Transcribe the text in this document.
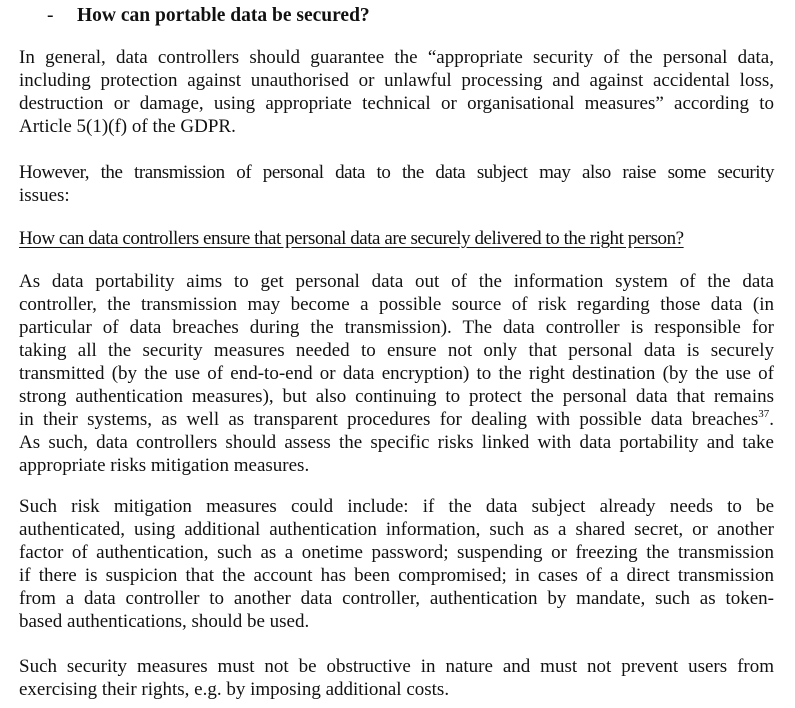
- How can portable data be secured?
In general, data controllers should guarantee the “appropriate security of the personal data,
including protection against unauthorised or unlawful processing and against accidental loss,
destruction or damage, using appropriate technical or organisational measures” according to
Article 5(1)(f) of the GDPR.
However, the transmission of personal data to the data subject may also raise some security
issues:
How can data controllers ensure that personal data are securely delivered to the right person?
As data portability aims to get personal data out of the information system of the data
controller, the transmission may become a possible source of risk regarding those data (in
particular of data breaches during the transmission). The data controller is responsible for
taking all the security measures needed to ensure not only that personal data is securely
transmitted (by the use of end-to-end or data encryption) to the right destination (by the use of
strong authentication measures), but also continuing to protect the personal data that remains
in their systems, as well as transparent procedures for dealing with possible data breaches$^{37}$.
As such, data controllers should assess the specific risks linked with data portability and take
appropriate risks mitigation measures.
Such risk mitigation measures could include: if the data subject already needs to be
authenticated, using additional authentication information, such as a shared secret, or another
factor of authentication, such as a onetime password; suspending or freezing the transmission
if there is suspicion that the account has been compromised; in cases of a direct transmission
from a data controller to another data controller, authentication by mandate, such as token-
based authentications, should be used.
Such security measures must not be obstructive in nature and must not prevent users from
exercising their rights, e.g. by imposing additional costs.
